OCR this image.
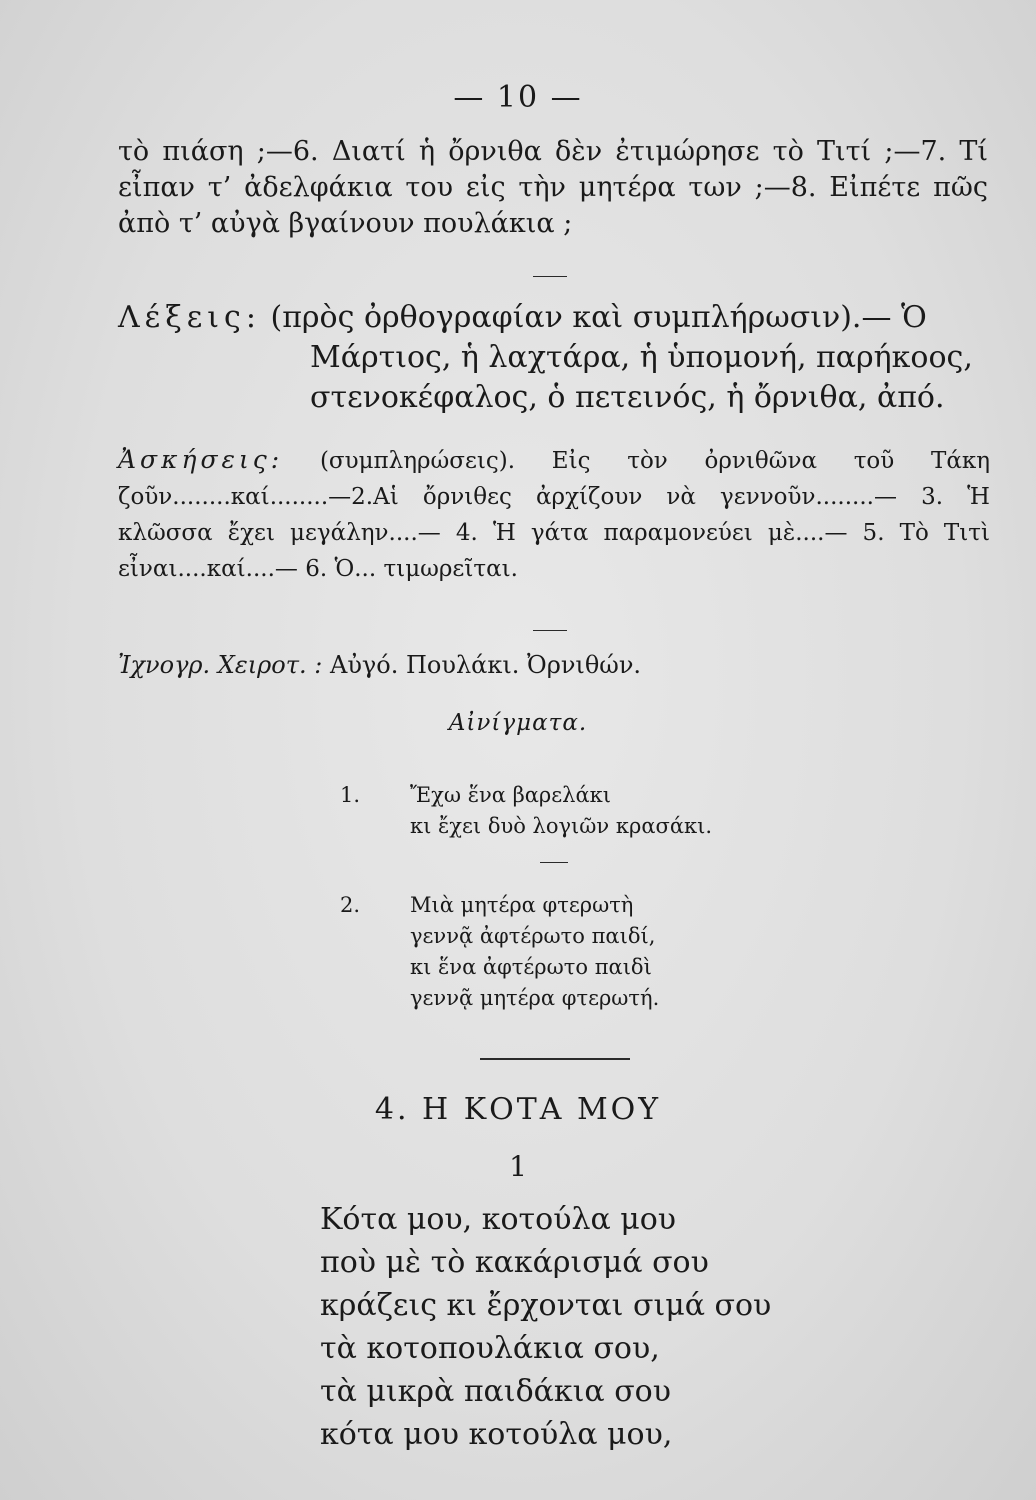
— 10 —
τὸ πιάση ;—6. Διατί ἡ ὄρνιθα δὲν ἐτιμώρησε τὸ Τιτί ;—7. Τί εἶπαν τ’ ἀδελφάκια του εἰς τὴν μητέρα των ;—8. Εἰπέτε πῶς ἀπὸ τ’ αὐγὰ βγαίνουν πουλάκια ;
Λέξεις: (πρὸς ὀρθογραφίαν καὶ συμπλήρωσιν).— Ὁ
Μάρτιος, ἡ λαχτάρα, ἡ ὑπομονή, παρήκοος,
στενοκέφαλος, ὁ πετεινός, ἡ ὄρνιθα, ἀπό.
Ἀσκήσεις: (συμπληρώσεις). Εἰς τὸν ὀρνιθῶνα τοῦ Τάκη ζοῦν........καί........—2.Αἱ ὄρνιθες ἀρχίζουν νὰ γεννοῦν........— 3. Ἡ κλῶσσα ἔχει μεγάλην....— 4. Ἡ γάτα παραμονεύει μὲ....— 5. Τὸ Τιτὶ εἶναι....καί....— 6. Ὁ... τιμωρεῖται.
Ἰχνογρ. Χειροτ. : Αὐγό. Πουλάκι. Ὀρνιθών.
Αἰνίγματα.
1. Ἔχω ἕνα βαρελάκι
κι ἔχει δυὸ λογιῶν κρασάκι.
2. Μιὰ μητέρα φτερωτὴ
γεννᾷ ἀφτέρωτο παιδί,
κι ἕνα ἀφτέρωτο παιδὶ
γεννᾷ μητέρα φτερωτή.
4. Η ΚΟΤΑ ΜΟΥ
1
Κότα μου, κοτούλα μου
ποὺ μὲ τὸ κακάρισμά σου
κράζεις κι ἔρχονται σιμά σου
τὰ κοτοπουλάκια σου,
τὰ μικρὰ παιδάκια σου
κότα μου κοτούλα μου,
